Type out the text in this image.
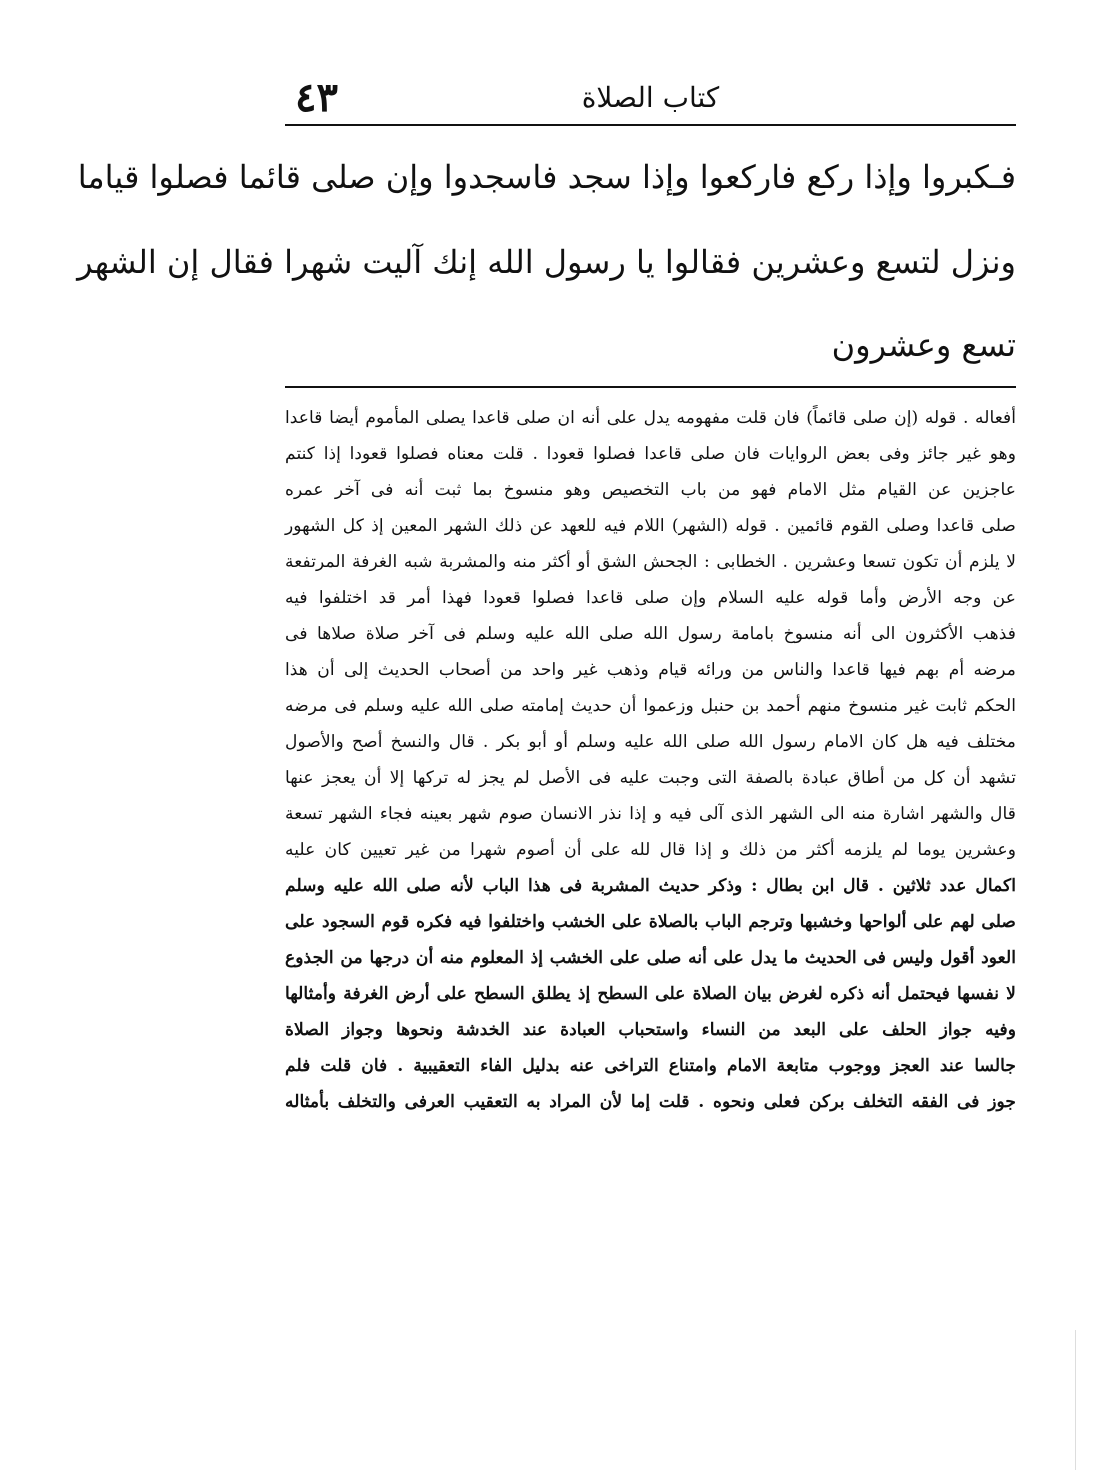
٤٣	كتاب الصلاة
فـكبروا وإذا ركع فاركعوا وإذا سجد فاسجدوا وإن صلى قائما فصلوا قياما
ونزل لتسع وعشرين فقالوا يا رسول الله إنك آليت شهرا فقال إن الشهر
تسع وعشرون
أفعاله . قوله (إن صلى قائماً) فان قلت مفهومه يدل على أنه ان صلى قاعدا يصلى المأموم أيضا قاعدا
وهو غير جائز وفى بعض الروايات فان صلى قاعدا فصلوا قعودا . قلت معناه فصلوا قعودا إذا كنتم
عاجزين عن القيام مثل الامام فهو من باب التخصيص وهو منسوخ بما ثبت أنه فى آخر عمره
صلى قاعدا وصلى القوم قائمين . قوله (الشهر) اللام فيه للعهد عن ذلك الشهر المعين إذ كل الشهور
لا يلزم أن تكون تسعا وعشرين . الخطابى : الجحش الشق أو أكثر منه والمشربة شبه الغرفة المرتفعة
عن وجه الأرض وأما قوله عليه السلام وإن صلى قاعدا فصلوا قعودا فهذا أمر قد اختلفوا فيه
فذهب الأكثرون الى أنه منسوخ بامامة رسول الله صلى الله عليه وسلم فى آخر صلاة صلاها فى
مرضه أم بهم فيها قاعدا والناس من ورائه قيام وذهب غير واحد من أصحاب الحديث إلى أن هذا
الحكم ثابت غير منسوخ منهم أحمد بن حنبل وزعموا أن حديث إمامته صلى الله عليه وسلم فى مرضه
مختلف فيه هل كان الامام رسول الله صلى الله عليه وسلم أو أبو بكر . قال والنسخ أصح والأصول
تشهد أن كل من أطاق عبادة بالصفة التى وجبت عليه فى الأصل لم يجز له تركها إلا أن يعجز عنها
قال والشهر اشارة منه الى الشهر الذى آلى فيه و إذا نذر الانسان صوم شهر بعينه فجاء الشهر تسعة
وعشرين يوما لم يلزمه أكثر من ذلك و إذا قال لله على أن أصوم شهرا من غير تعيين كان عليه
اكمال عدد ثلاثين . قال ابن بطال : وذكر حديث المشربة فى هذا الباب لأنه صلى الله عليه وسلم
صلى لهم على ألواحها وخشبها وترجم الباب بالصلاة على الخشب واختلفوا فيه فكره قوم السجود على
العود أقول وليس فى الحديث ما يدل على أنه صلى على الخشب إذ المعلوم منه أن درجها من الجذوع
لا نفسها فيحتمل أنه ذكره لغرض بيان الصلاة على السطح إذ يطلق السطح على أرض الغرفة وأمثالها
وفيه جواز الحلف على البعد من النساء واستحباب العبادة عند الخدشة ونحوها وجواز الصلاة
جالسا عند العجز ووجوب متابعة الامام وامتناع التراخى عنه بدليل الفاء التعقيبية . فان قلت فلم
جوز فى الفقه التخلف بركن فعلى ونحوه . قلت إما لأن المراد به التعقيب العرفى والتخلف بأمثاله
